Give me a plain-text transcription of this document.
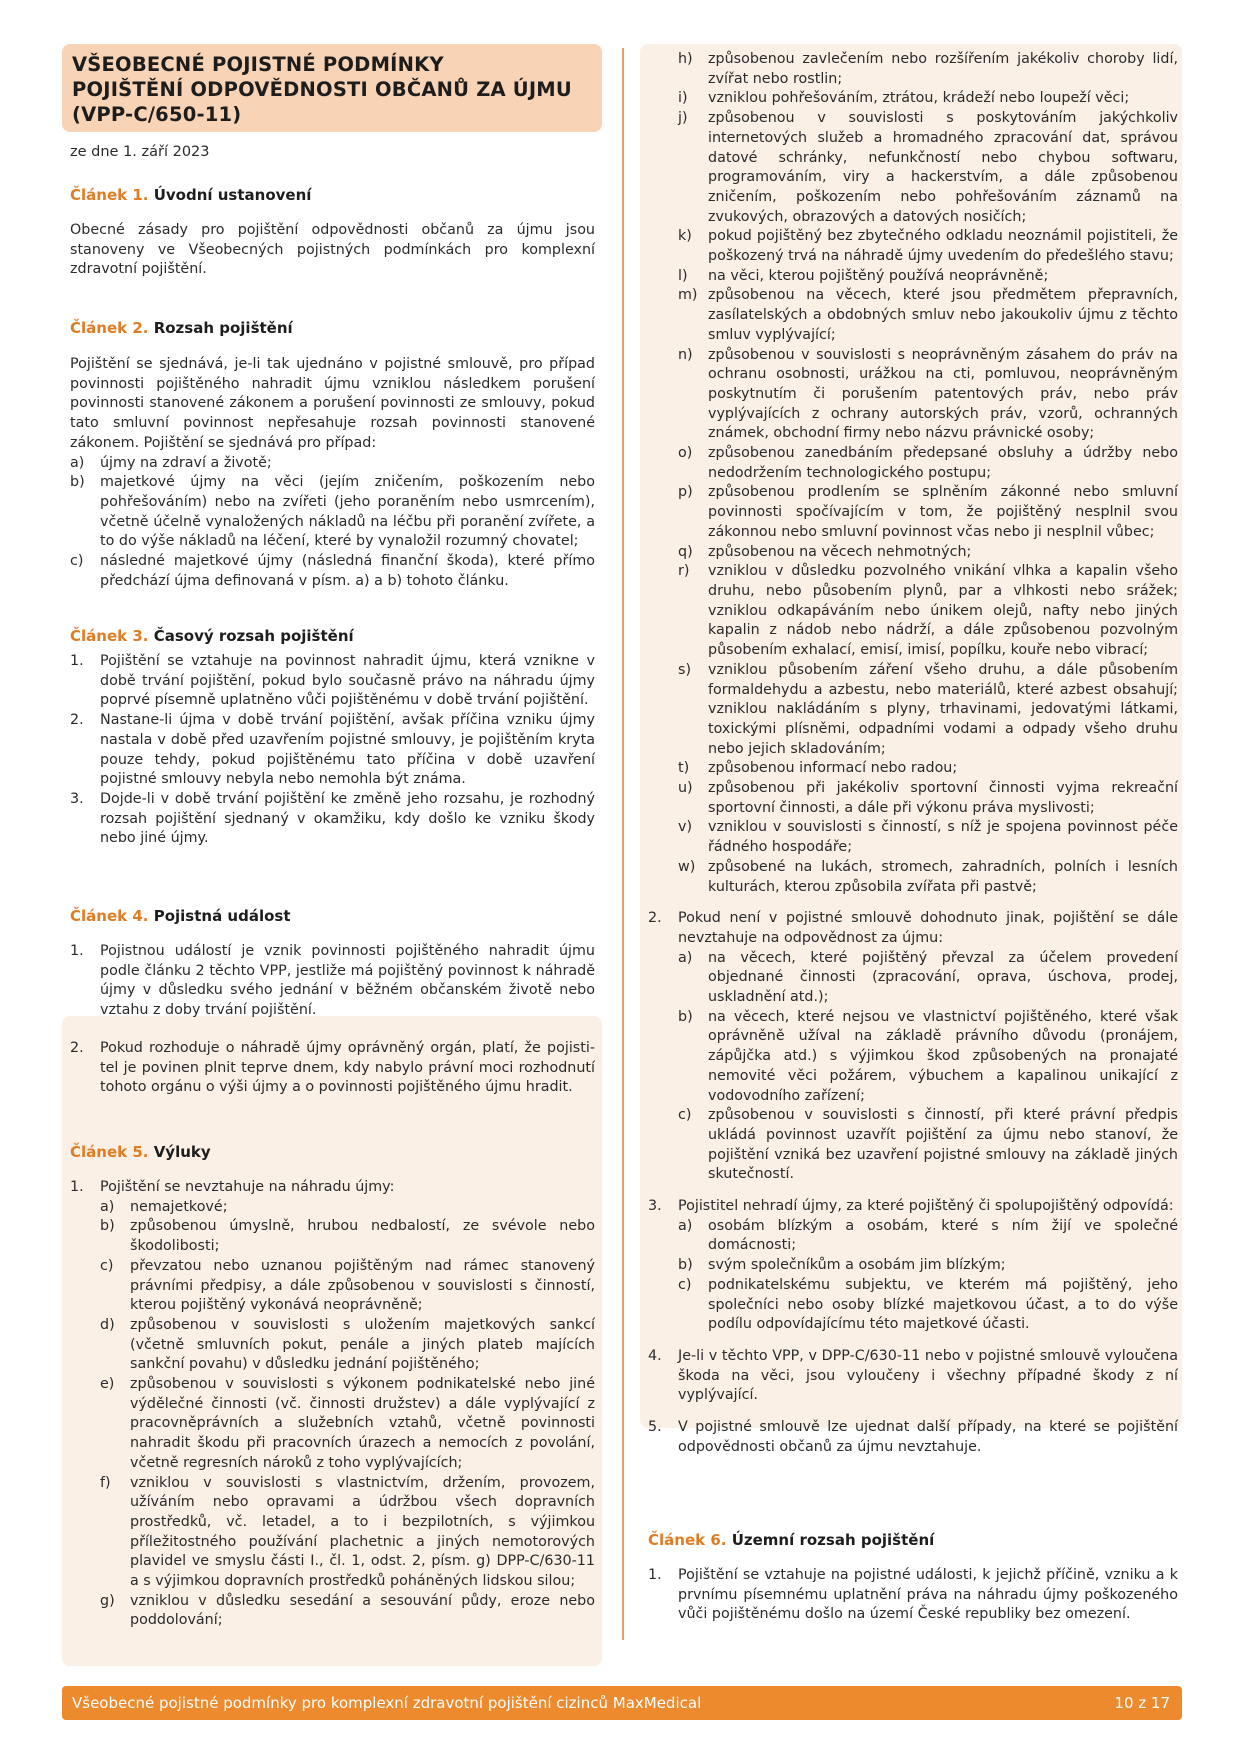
VŠEOBECNÉ POJISTNÉ PODMÍNKY
POJIŠTĚNÍ ODPOVĚDNOSTI OBČANŮ ZA ÚJMU
(VPP-C/650-11)
ze dne 1. září 2023
Článek 1. Úvodní ustanovení
Obecné zásady pro pojištění odpovědnosti občanů za újmu jsou stanoveny ve Všeobecných pojistných podmínkách pro komplexní zdravotní pojištění.
Článek 2. Rozsah pojištění
Pojištění se sjednává, je-li tak ujednáno v pojistné smlouvě, pro případ povinnosti pojištěného nahradit újmu vzniklou následkem porušení povinnosti stanovené zákonem a porušení povinnosti ze smlouvy, pokud tato smluvní povinnost nepřesahuje rozsah povinnosti stanovené zákonem. Pojištění se sjednává pro případ:
a) újmy na zdraví a životě;
b) majetkové újmy na věci (jejím zničením, poškozením nebo pohřešováním) nebo na zvířeti (jeho poraněním nebo usmrcením), včetně účelně vynaložených nákladů na léčbu při poranění zvířete, a to do výše nákladů na léčení, které by vynaložil rozumný chovatel;
c) následné majetkové újmy (následná finanční škoda), které přímo předchází újma definovaná v písm. a) a b) tohoto článku.
Článek 3. Časový rozsah pojištění
1. Pojištění se vztahuje na povinnost nahradit újmu, která vznikne v době trvání pojištění, pokud bylo současně právo na náhradu újmy poprvé písemně uplatněno vůči pojištěnému v době trvání pojištění.
2. Nastane-li újma v době trvání pojištění, avšak příčina vzniku újmy nastala v době před uzavřením pojistné smlouvy, je pojištěním kryta pouze tehdy, pokud pojištěnému tato příčina v době uzavření pojistné smlouvy nebyla nebo nemohla být známa.
3. Dojde-li v době trvání pojištění ke změně jeho rozsahu, je rozhodný rozsah pojištění sjednaný v okamžiku, kdy došlo ke vzniku škody nebo jiné újmy.
Článek 4. Pojistná událost
1. Pojistnou událostí je vznik povinnosti pojištěného nahradit újmu podle článku 2 těchto VPP, jestliže má pojištěný povinnost k náhradě újmy v důsledku svého jednání v běžném občanském životě nebo vztahu z doby trvání pojištění.
2. Pokud rozhoduje o náhradě újmy oprávněný orgán, platí, že pojisti- tel je povinen plnit teprve dnem, kdy nabylo právní moci rozhodnutí tohoto orgánu o výši újmy a o povinnosti pojištěného újmu hradit.
Článek 5. Výluky
1. Pojištění se nevztahuje na náhradu újmy:
a) nemajetkové;
b) způsobenou úmyslně, hrubou nedbalostí, ze svévole nebo škodolibosti;
c) převzatou nebo uznanou pojištěným nad rámec stanovený právními předpisy, a dále způsobenou v souvislosti s činností, kterou pojištěný vykonává neoprávněně;
d) způsobenou v souvislosti s uložením majetkových sankcí (včetně smluvních pokut, penále a jiných plateb majících sankční povahu) v důsledku jednání pojištěného;
e) způsobenou v souvislosti s výkonem podnikatelské nebo jiné výdělečné činnosti (vč. činnosti družstev) a dále vyplývající z pracovněprávních a služebních vztahů, včetně povinnosti nahradit škodu při pracovních úrazech a nemocích z povolání, včetně regresních nároků z toho vyplývajících;
f) vzniklou v souvislosti s vlastnictvím, držením, provozem, užíváním nebo opravami a údržbou všech dopravních prostředků, vč. letadel, a to i bezpilotních, s výjimkou příležitostného používání plachetnic a jiných nemotorových plavidel ve smyslu části I., čl. 1, odst. 2, písm. g) DPP-C/630-11 a s výjimkou dopravních prostředků poháněných lidskou silou;
g) vzniklou v důsledku sesedání a sesouvání půdy, eroze nebo poddolování;
h) způsobenou zavlečením nebo rozšířením jakékoliv choroby lidí, zvířat nebo rostlin;
i) vzniklou pohřešováním, ztrátou, krádeží nebo loupeží věci;
j) způsobenou v souvislosti s poskytováním jakýchkoliv internetových služeb a hromadného zpracování dat, správou datové schránky, nefunkčností nebo chybou softwaru, programováním, viry a hackerstvím, a dále způsobenou zničením, poškozením nebo pohřešováním záznamů na zvukových, obrazových a datových nosičích;
k) pokud pojištěný bez zbytečného odkladu neoznámil pojistiteli, že poškozený trvá na náhradě újmy uvedením do předešlého stavu;
l) na věci, kterou pojištěný používá neoprávněně;
m) způsobenou na věcech, které jsou předmětem přepravních, zasílatelských a obdobných smluv nebo jakoukoliv újmu z těchto smluv vyplývající;
n) způsobenou v souvislosti s neoprávněným zásahem do práv na ochranu osobnosti, urážkou na cti, pomluvou, neoprávněným poskytnutím či porušením patentových práv, nebo práv vyplývajících z ochrany autorských práv, vzorů, ochranných známek, obchodní firmy nebo názvu právnické osoby;
o) způsobenou zanedbáním předepsané obsluhy a údržby nebo nedodržením technologického postupu;
p) způsobenou prodlením se splněním zákonné nebo smluvní povinnosti spočívajícím v tom, že pojištěný nesplnil svou zákonnou nebo smluvní povinnost včas nebo ji nesplnil vůbec;
q) způsobenou na věcech nehmotných;
r) vzniklou v důsledku pozvolného vnikání vlhka a kapalin všeho druhu, nebo působením plynů, par a vlhkosti nebo srážek; vzniklou odkapáváním nebo únikem olejů, nafty nebo jiných kapalin z nádob nebo nádrží, a dále způsobenou pozvolným působením exhalací, emisí, imisí, popílku, kouře nebo vibrací;
s) vzniklou působením záření všeho druhu, a dále působením formaldehydu a azbestu, nebo materiálů, které azbest obsahují; vzniklou nakládáním s plyny, trhavinami, jedovatými látkami, toxickými plísněmi, odpadními vodami a odpady všeho druhu nebo jejich skladováním;
t) způsobenou informací nebo radou;
u) způsobenou při jakékoliv sportovní činnosti vyjma rekreační sportovní činnosti, a dále při výkonu práva myslivosti;
v) vzniklou v souvislosti s činností, s níž je spojena povinnost péče řádného hospodáře;
w) způsobené na lukách, stromech, zahradních, polních i lesních kulturách, kterou způsobila zvířata při pastvě;
2. Pokud není v pojistné smlouvě dohodnuto jinak, pojištění se dále nevztahuje na odpovědnost za újmu:
a) na věcech, které pojištěný převzal za účelem provedení objednané činnosti (zpracování, oprava, úschova, prodej, uskladnění atd.);
b) na věcech, které nejsou ve vlastnictví pojištěného, které však oprávněně užíval na základě právního důvodu (pronájem, zápůjčka atd.) s výjimkou škod způsobených na pronajaté nemovité věci požárem, výbuchem a kapalinou unikající z vodovodního zařízení;
c) způsobenou v souvislosti s činností, při které právní předpis ukládá povinnost uzavřít pojištění za újmu nebo stanoví, že pojištění vzniká bez uzavření pojistné smlouvy na základě jiných skutečností.
3. Pojistitel nehradí újmy, za které pojištěný či spolupojištěný odpovídá:
a) osobám blízkým a osobám, které s ním žijí ve společné domácnosti;
b) svým společníkům a osobám jim blízkým;
c) podnikatelskému subjektu, ve kterém má pojištěný, jeho společníci nebo osoby blízké majetkovou účast, a to do výše podílu odpovídajícímu této majetkové účasti.
4. Je-li v těchto VPP, v DPP-C/630-11 nebo v pojistné smlouvě vyloučena škoda na věci, jsou vyloučeny i všechny případné škody z ní vyplývající.
5. V pojistné smlouvě lze ujednat další případy, na které se pojištění odpovědnosti občanů za újmu nevztahuje.
Článek 6. Územní rozsah pojištění
1. Pojištění se vztahuje na pojistné události, k jejichž příčině, vzniku a k prvnímu písemnému uplatnění práva na náhradu újmy poškozeného vůči pojištěnému došlo na území České republiky bez omezení.
Všeobecné pojistné podmínky pro komplexní zdravotní pojištění cizinců MaxMedical	10 z 17
